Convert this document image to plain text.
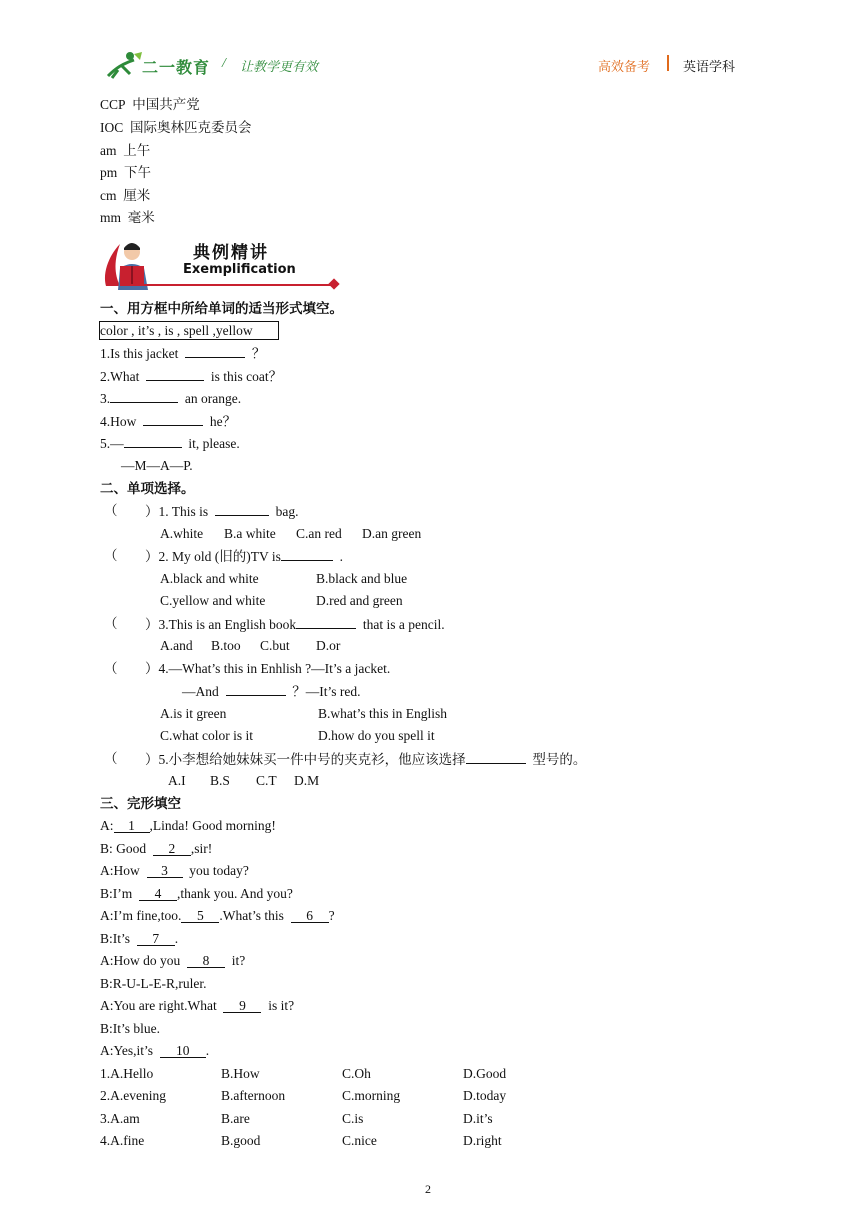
二一教育 / 让教学更有效	高效备考	英语学科
CCP 中国共产党
IOC 国际奥林匹克委员会
am 上午
pm 下午
cm 厘米
mm 毫米
典例精讲
Exemplification
一、用方框中所给单词的适当形式填空。
color , it’s , is , spell ,yellow
1.Is this jacket	？
2.What	is this coat？
3.	an orange.
4.How	he？
5.—	it, please.
—M—A—P.
二、单项选择。
（ ）1. This is	bag.
A.white B.a white C.an red D.an green
（ ）2. My old (旧的)TV is	.
A.black and white	B.black and blue
C.yellow and white	D.red and green
（ ）3.This is an English book	that is a pencil.
A.and B.too C.but D.or
（ ）4.—What’s this in Enhlish ?—It’s a jacket.
—And	？—It’s red.
A.is it green	B.what’s this in English
C.what color is it	D.how do you spell it
（ ）5.小李想给她妹妹买一件中号的夹克衫，他应该选择	型号的。
A.I B.S C.T D.M
三、完形填空
A: 1 ,Linda! Good morning!
B: Good 2 ,sir!
A:How 3 you today?
B:I’m 4 ,thank you. And you?
A:I’m fine,too. 5 .What’s this 6 ?
B:It’s 7 .
A:How do you 8 it?
B:R-U-L-E-R,ruler.
A:You are right.What 9 is it?
B:It’s blue.
A:Yes,it’s 10 .
1.A.Hello	B.How	C.Oh	D.Good
2.A.evening	B.afternoon	C.morning	D.today
3.A.am	B.are	C.is	D.it’s
4.A.fine	B.good	C.nice	D.right
2
